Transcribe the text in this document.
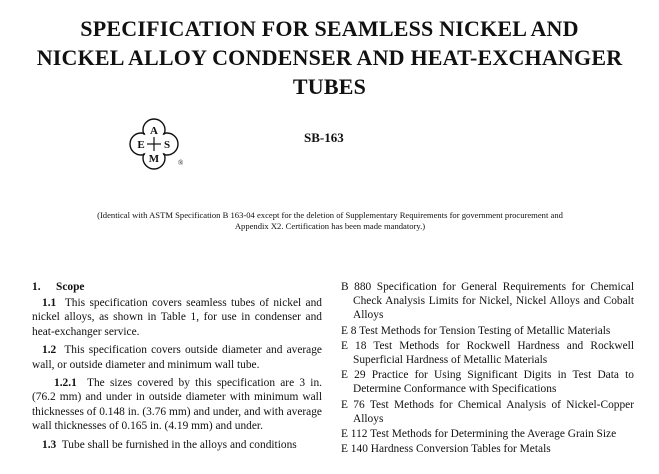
SPECIFICATION FOR SEAMLESS NICKEL AND
NICKEL ALLOY CONDENSER AND HEAT-EXCHANGER
TUBES
A
E S
M	®
SB-163
(Identical with ASTM Specification B 163-04 except for the deletion of Supplementary Requirements for government procurement and
Appendix X2. Certification has been made mandatory.)
1. Scope
1.1 This specification covers seamless tubes of nickel and nickel alloys, as shown in Table 1, for use in condenser and heat-exchanger service.
1.2 This specification covers outside diameter and average wall, or outside diameter and minimum wall tube.
1.2.1 The sizes covered by this specification are 3 in. (76.2 mm) and under in outside diameter with minimum wall thicknesses of 0.148 in. (3.76 mm) and under, and with average wall thicknesses of 0.165 in. (4.19 mm) and under.
1.3 Tube shall be furnished in the alloys and conditions
B 880 Specification for General Requirements for Chemical Check Analysis Limits for Nickel, Nickel Alloys and Cobalt Alloys
E 8 Test Methods for Tension Testing of Metallic Materials
E 18 Test Methods for Rockwell Hardness and Rockwell Superficial Hardness of Metallic Materials
E 29 Practice for Using Significant Digits in Test Data to Determine Conformance with Specifications
E 76 Test Methods for Chemical Analysis of Nickel-Copper Alloys
E 112 Test Methods for Determining the Average Grain Size
E 140 Hardness Conversion Tables for Metals
